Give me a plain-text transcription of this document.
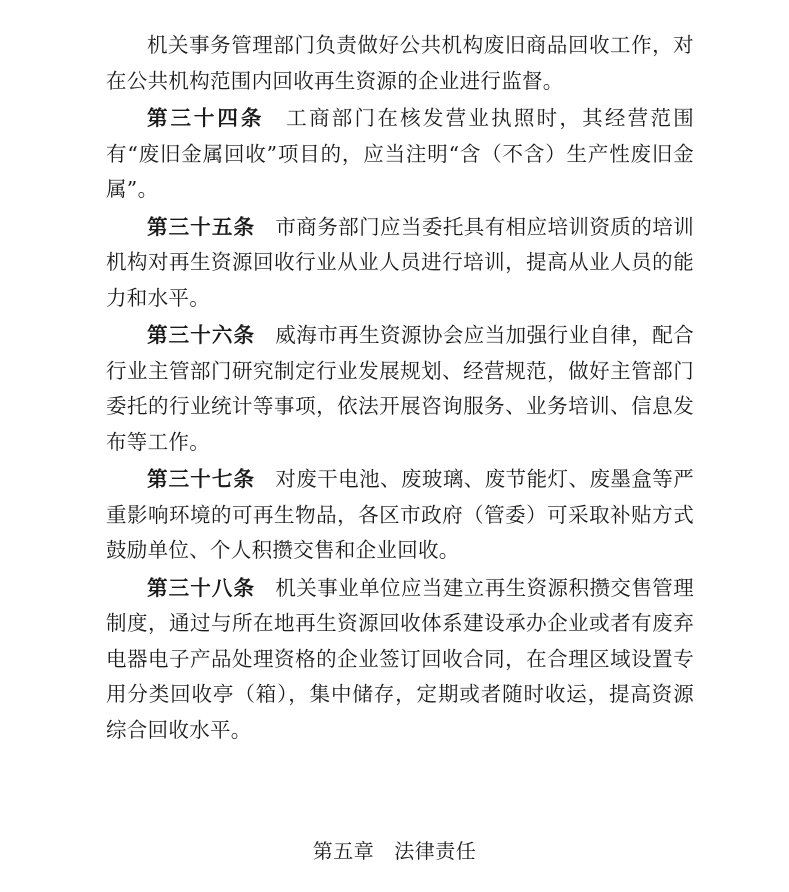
机关事务管理部门负责做好公共机构废旧商品回收工作，对在公共机构范围内回收再生资源的企业进行监督。

第三十四条 工商部门在核发营业执照时，其经营范围有“废旧金属回收”项目的，应当注明“含（不含）生产性废旧金属”。

第三十五条 市商务部门应当委托具有相应培训资质的培训机构对再生资源回收行业从业人员进行培训，提高从业人员的能力和水平。

第三十六条 威海市再生资源协会应当加强行业自律，配合行业主管部门研究制定行业发展规划、经营规范，做好主管部门委托的行业统计等事项，依法开展咨询服务、业务培训、信息发布等工作。

第三十七条 对废干电池、废玻璃、废节能灯、废墨盒等严重影响环境的可再生物品，各区市政府（管委）可采取补贴方式鼓励单位、个人积攒交售和企业回收。

第三十八条 机关事业单位应当建立再生资源积攒交售管理制度，通过与所在地再生资源回收体系建设承办企业或者有废弃电器电子产品处理资格的企业签订回收合同，在合理区域设置专用分类回收亭（箱），集中储存，定期或者随时收运，提高资源综合回收水平。

第五章 法律责任
